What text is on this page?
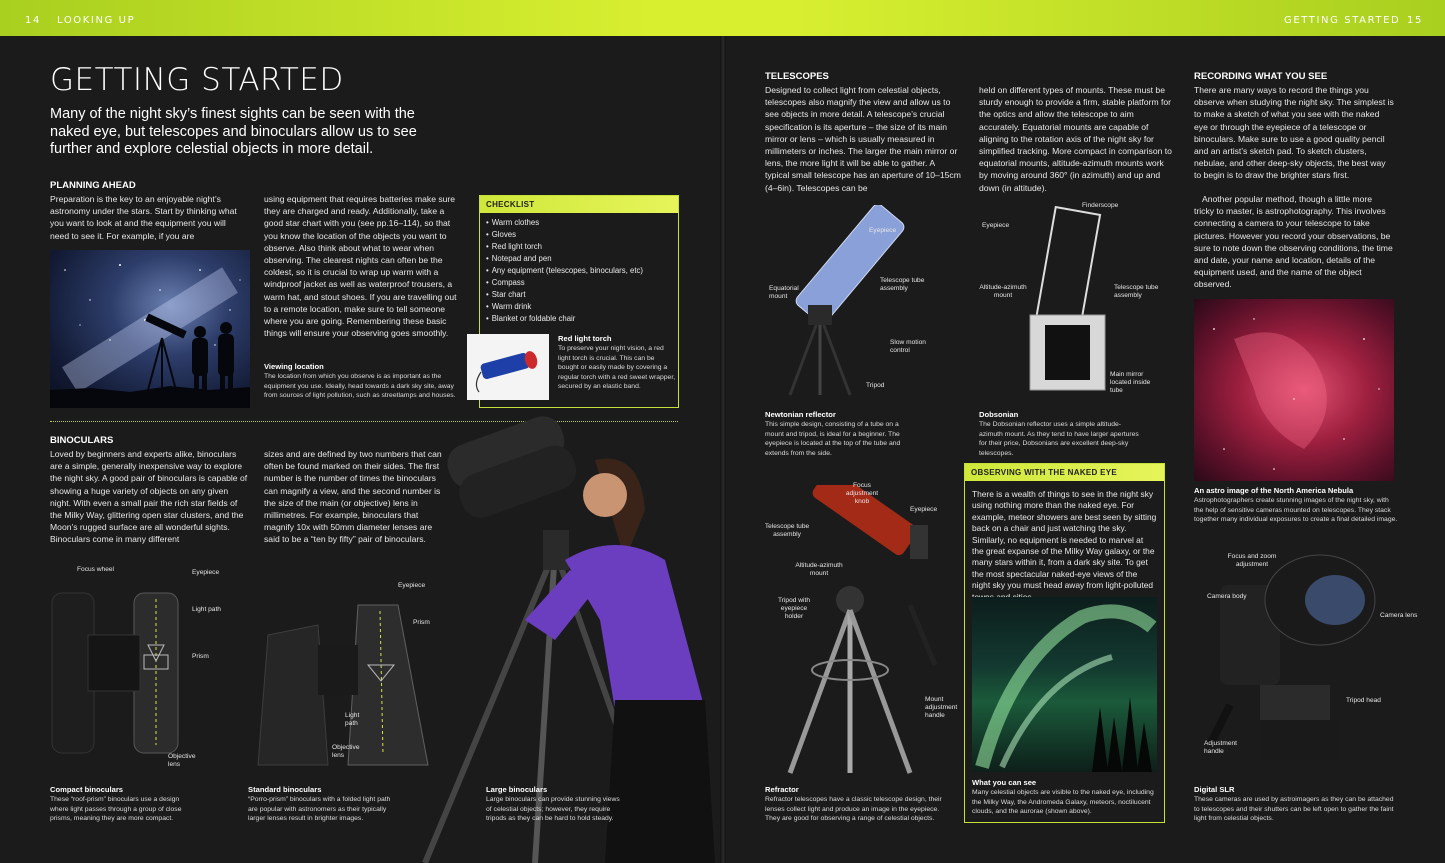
14 LOOKING UP	GETTING STARTED 15
GETTING STARTED
Many of the night sky’s finest sights can be seen with the naked eye, but telescopes and binoculars allow us to see further and explore celestial objects in more detail.
PLANNING AHEAD
Preparation is the key to an enjoyable night’s astronomy under the stars. Start by thinking what you want to look at and the equipment you will need to see it. For example, if you are
using equipment that requires batteries make sure they are charged and ready. Additionally, take a good star chart with you (see pp.16–114), so that you know the location of the objects you want to observe. Also think about what to wear when observing. The clearest nights can often be the coldest, so it is crucial to wrap up warm with a windproof jacket as well as waterproof trousers, a warm hat, and stout shoes. If you are travelling out to a remote location, make sure to tell someone where you are going. Remembering these basic things will ensure your observing goes smoothly.
Viewing location
The location from which you observe is as important as the equipment you use. Ideally, head towards a dark sky site, away from sources of light pollution, such as streetlamps and houses.
CHECKLIST
• Warm clothes
• Gloves
• Red light torch
• Notepad and pen
• Any equipment (telescopes, binoculars, etc)
• Compass
• Star chart
• Warm drink
• Blanket or foldable chair
Red light torch
To preserve your night vision, a red light torch is crucial. This can be bought or easily made by covering a regular torch with a red sweet wrapper, secured by an elastic band.
BINOCULARS
Loved by beginners and experts alike, binoculars are a simple, generally inexpensive way to explore the night sky. A good pair of binoculars is capable of showing a huge variety of objects on any given night. With even a small pair the rich star fields of the Milky Way, glittering open star clusters, and the Moon’s rugged surface are all wonderful sights. Binoculars come in many different
sizes and are defined by two numbers that can often be found marked on their sides. The first number is the number of times the binoculars can magnify a view, and the second number is the size of the main (or objective) lens in millimetres. For example, binoculars that magnify 10x with 50mm diameter lenses are said to be a “ten by fifty” pair of binoculars.
Focus wheel	Eyepiece
Light path
Prism
Objective lens
Eyepiece
Prism
Light path
Objective lens
Compact binoculars
These “roof-prism” binoculars use a design where light passes through a group of close prisms, meaning they are more compact.
Standard binoculars
“Porro-prism” binoculars with a folded light path are popular with astronomers as their typically larger lenses result in brighter images.
Large binoculars
Large binoculars can provide stunning views of celestial objects; however, they require tripods as they can be hard to hold steady.
TELESCOPES
Designed to collect light from celestial objects, telescopes also magnify the view and allow us to see objects in more detail. A telescope’s crucial specification is its aperture – the size of its main mirror or lens – which is usually measured in millimeters or inches. The larger the main mirror or lens, the more light it will be able to gather. A typical small telescope has an aperture of 10–15cm (4–6in). Telescopes can be
held on different types of mounts. These must be sturdy enough to provide a firm, stable platform for the optics and allow the telescope to aim accurately. Equatorial mounts are capable of aligning to the rotation axis of the night sky for simplified tracking. More compact in comparison to equatorial mounts, altitude-azimuth mounts work by moving around 360° (in azimuth) and up and down (in altitude).
Eyepiece
Equatorial mount
Telescope tube assembly
Slow motion control
Tripod
Finderscope
Eyepiece
Altitude-azimuth mount
Telescope tube assembly
Main mirror located inside tube
Newtonian reflector
This simple design, consisting of a tube on a mount and tripod, is ideal for a beginner. The eyepiece is located at the top of the tube and extends from the side.
Dobsonian
The Dobsonian reflector uses a simple altitude-azimuth mount. As they tend to have larger apertures for their price, Dobsonians are excellent deep-sky telescopes.
Focus adjustment knob
Eyepiece
Telescope tube assembly
Altitude-azimuth mount
Tripod with eyepiece holder
Mount adjustment handle
Refractor
Refractor telescopes have a classic telescope design, their lenses collect light and produce an image in the eyepiece. They are good for observing a range of celestial objects.
OBSERVING WITH THE NAKED EYE
There is a wealth of things to see in the night sky using nothing more than the naked eye. For example, meteor showers are best seen by sitting back on a chair and just watching the sky. Similarly, no equipment is needed to marvel at the great expanse of the Milky Way galaxy, or the many stars within it, from a dark sky site. To get the most spectacular naked-eye views of the night sky you must head away from light-polluted
What you can see
Many celestial objects are visible to the naked eye, including the Milky Way, the Andromeda Galaxy, meteors, noctilucent clouds, and the aurorae (shown above).
RECORDING WHAT YOU SEE
There are many ways to record the things you observe when studying the night sky. The simplest is to make a sketch of what you see with the naked eye or through the eyepiece of a telescope or binoculars. Make sure to use a good quality pencil and an artist’s sketch pad. To sketch clusters, nebulae, and other deep-sky objects, the best way to begin is to draw the brighter stars first.
Another popular method, though a little more tricky to master, is astrophotography. This involves connecting a camera to your telescope to take pictures. However you record your observations, be sure to note down the observing conditions, the time and date, your name and location, details of the equipment used, and the name of the object observed.
An astro image of the North America Nebula
Astrophotographers create stunning images of the night sky, with the help of sensitive cameras mounted on telescopes. They stack together many individual exposures to create a final detailed image.
Focus and zoom adjustment
Camera body
Camera lens
Tripod head
Adjustment handle
Digital SLR
These cameras are used by astroimagers as they can be attached to telescopes and their shutters can be left open to gather the faint light from celestial objects.
